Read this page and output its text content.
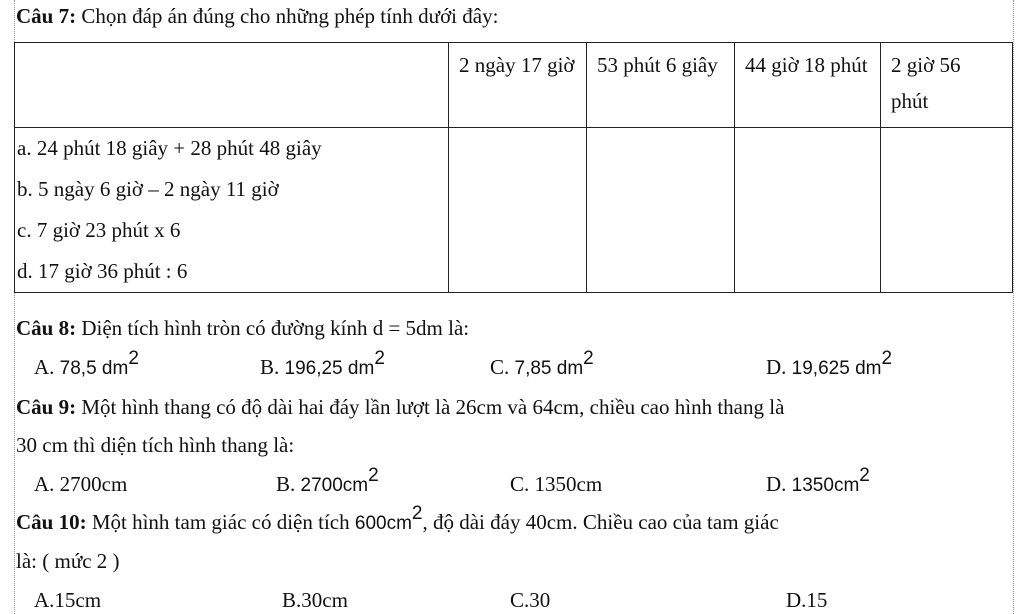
Câu 7: Chọn đáp án đúng cho những phép tính dưới đây:
	2 ngày 17 giờ	53 phút 6 giây	44 giờ 18 phút	2 giờ 56 phút

a. 24 phút 18 giây + 28 phút 48 giây
b. 5 ngày 6 giờ – 2 ngày 11 giờ
c. 7 giờ 23 phút x 6
d. 17 giờ 36 phút : 6				

Câu 8: Diện tích hình tròn có đường kính d = 5dm là:
A. 78,5 $dm^2$	B. 196,25 $dm^2$	C. 7,85 $dm^2$	D. 19,625 $dm^2$
Câu 9: Một hình thang có độ dài hai đáy lần lượt là 26cm và 64cm, chiều cao hình thang là
30 cm thì diện tích hình thang là:
A. 2700cm	B. $2700cm^2$	C. 1350cm	D. $1350cm^2$
Câu 10: Một hình tam giác có diện tích $600cm^2$, độ dài đáy 40cm. Chiều cao của tam giác
là: ( mức 2 )
A.15cm	B.30cm	C.30	D.15
